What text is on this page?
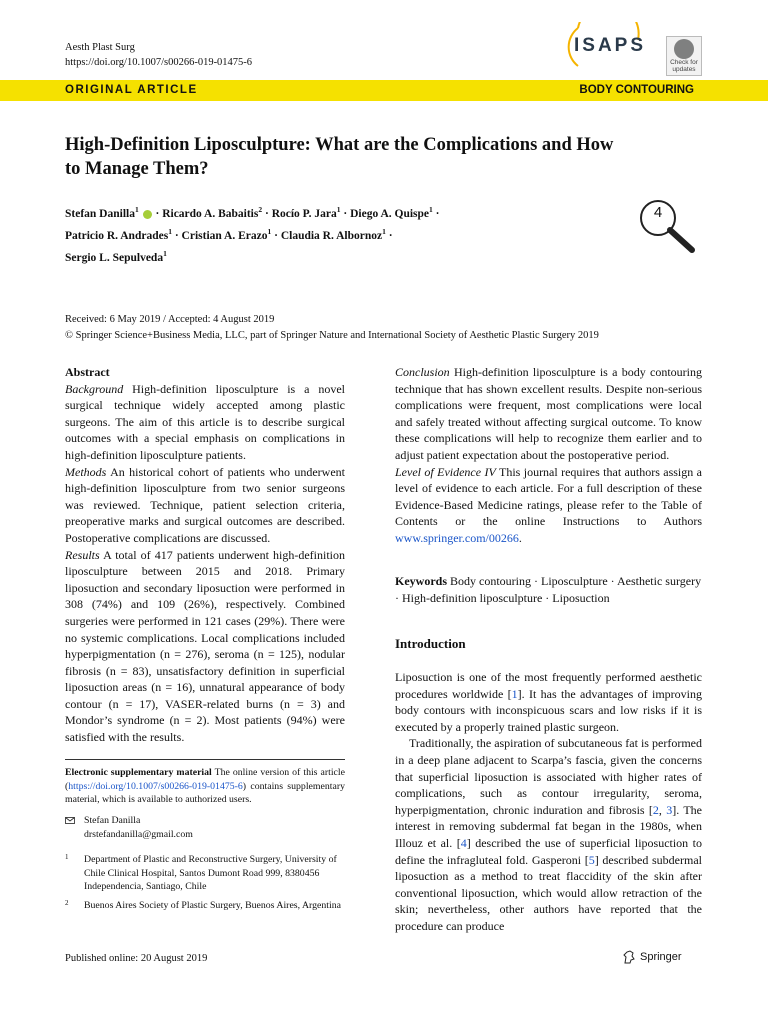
Aesth Plast Surg
https://doi.org/10.1007/s00266-019-01475-6
ISAPS
Check for updates
ORIGINAL ARTICLE	BODY CONTOURING
High-Definition Liposculpture: What are the Complications and How to Manage Them?
Stefan Danilla$^1$  · Ricardo A. Babaitis$^2$ · Rocío P. Jara$^1$ · Diego A. Quispe$^1$ ·
Patricio R. Andrades$^1$ · Cristian A. Erazo$^1$ · Claudia R. Albornoz$^1$ ·
Sergio L. Sepulveda$^1$
4
Received: 6 May 2019 / Accepted: 4 August 2019
© Springer Science+Business Media, LLC, part of Springer Nature and International Society of Aesthetic Plastic Surgery 2019

Abstract

Background High-definition liposculpture is a novel surgical technique widely accepted among plastic surgeons. The aim of this article is to describe surgical outcomes with a special emphasis on complications in high-definition liposculpture patients.

Methods An historical cohort of patients who underwent high-definition liposculpture from two senior surgeons was reviewed. Technique, patient selection criteria, preoperative marks and surgical outcomes are described. Postoperative complications are discussed.

Results A total of 417 patients underwent high-definition liposculpture between 2015 and 2018. Primary liposuction and secondary liposuction were performed in 308 (74%) and 109 (26%), respectively. Combined surgeries were performed in 121 cases (29%). There were no systemic complications. Local complications included hyperpigmentation (n = 276), seroma (n = 125), nodular fibrosis (n = 83), unsatisfactory definition in superficial liposuction areas (n = 16), unnatural appearance of body contour (n = 17), VASER-related burns (n = 3) and Mondor’s syndrome (n = 2). Most patients (94%) were satisfied with the results.

Electronic supplementary material The online version of this article (https://doi.org/10.1007/s00266-019-01475-6) contains supplementary material, which is available to authorized users.
Stefan Danilla
drstefandanilla@gmail.com
1 Department of Plastic and Reconstructive Surgery, University of Chile Clinical Hospital, Santos Dumont Road 999, 8380456 Independencia, Santiago, Chile
2 Buenos Aires Society of Plastic Surgery, Buenos Aires, Argentina

Conclusion High-definition liposculpture is a body contouring technique that has shown excellent results. Despite non-serious complications were frequent, most complications were local and safely treated without affecting surgical outcome. To know these complications will help to recognize them earlier and to adjust patient expectation about the postoperative period.

Level of Evidence IV This journal requires that authors assign a level of evidence to each article. For a full description of these Evidence-Based Medicine ratings, please refer to the Table of Contents or the online Instructions to Authors www.springer.com/00266.

Keywords Body contouring · Liposculpture · Aesthetic surgery · High-definition liposculpture · Liposuction
Introduction

Liposuction is one of the most frequently performed aesthetic procedures worldwide [1]. It has the advantages of improving body contours with inconspicuous scars and low risks if it is executed by a properly trained plastic surgeon.

Traditionally, the aspiration of subcutaneous fat is performed in a deep plane adjacent to Scarpa’s fascia, given the concerns that superficial liposuction is associated with higher rates of complications, such as contour irregularity, seroma, hyperpigmentation, chronic induration and fibrosis [2, 3]. The interest in removing subdermal fat began in the 1980s, when Illouz et al. [4] described the use of superficial liposuction to define the infragluteal fold. Gasperoni [5] described subdermal liposuction as a method to treat flaccidity of the skin after conventional liposuction, which would allow retraction of the skin; nevertheless, other authors have reported that the procedure can produce

Published online: 20 August 2019	Springer
